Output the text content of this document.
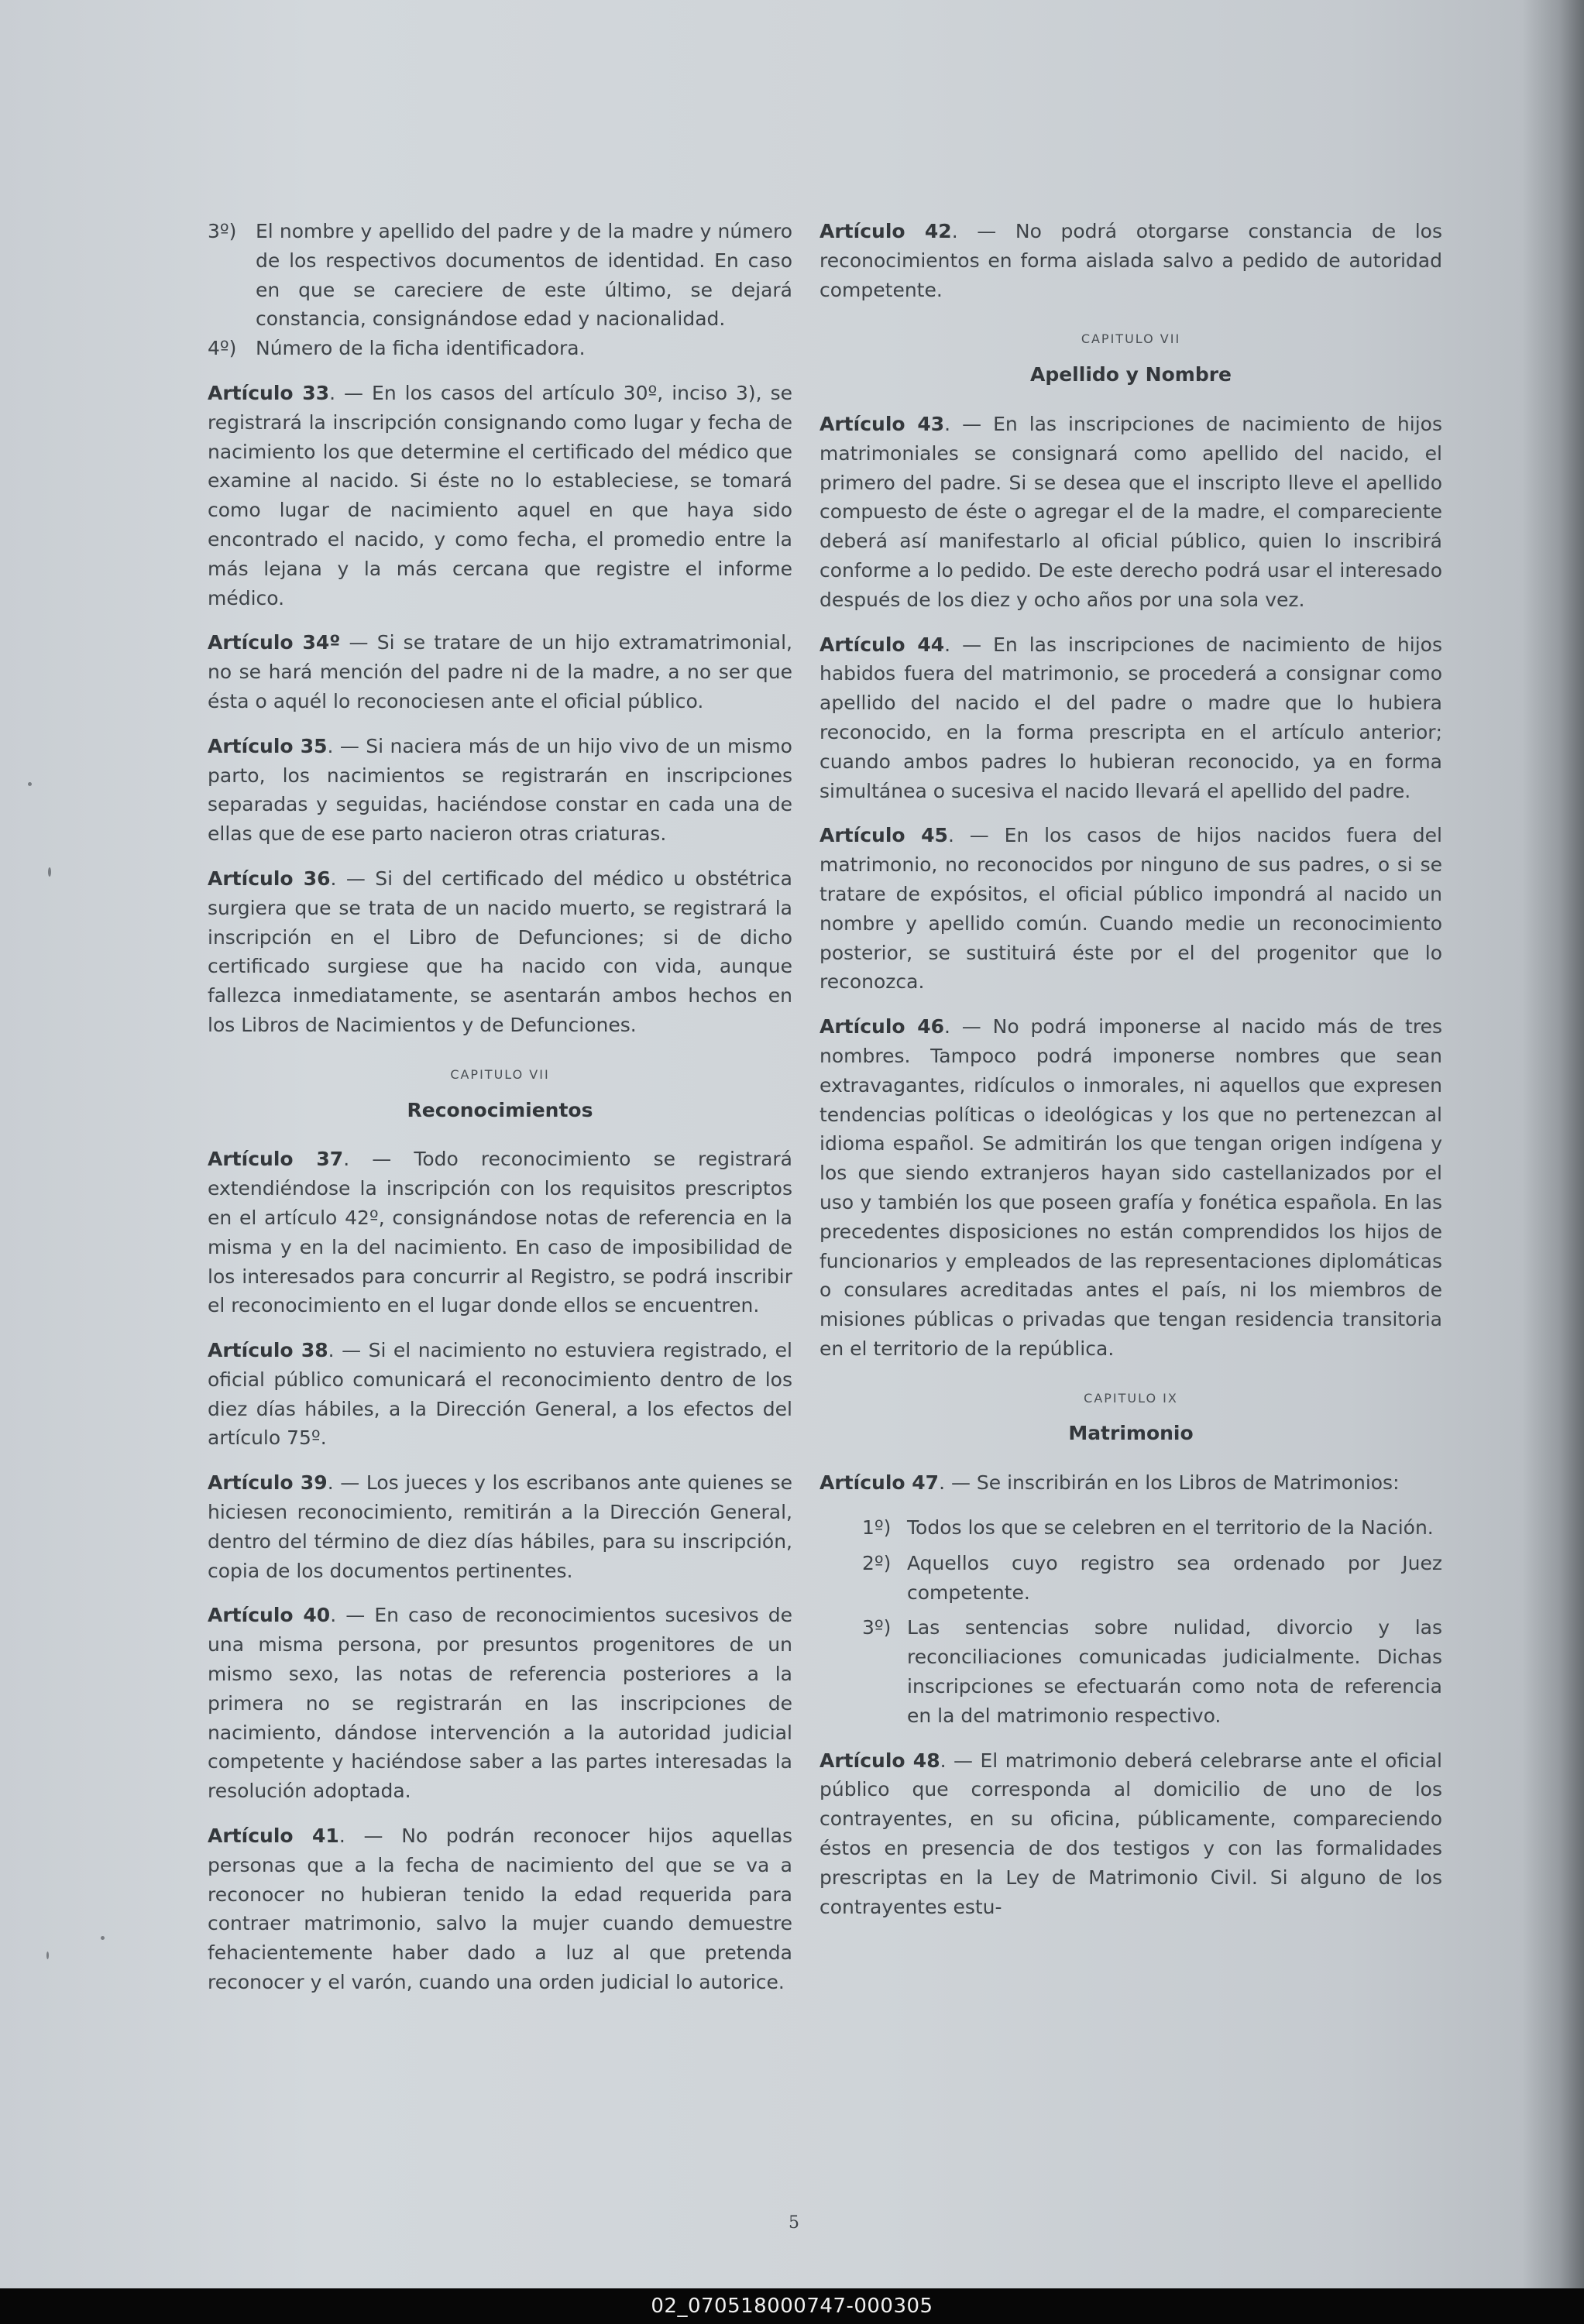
3º) El nombre y apellido del padre y de la madre y número de los respectivos documentos de identidad. En caso en que se careciere de este último, se dejará constancia, consignándose edad y nacionalidad.
4º) Número de la ficha identificadora.

Artículo 33. — En los casos del artículo 30º, inciso 3), se registrará la inscripción consignando como lugar y fecha de nacimiento los que determine el certificado del médico que examine al nacido. Si éste no lo estableciese, se tomará como lugar de nacimiento aquel en que haya sido encontrado el nacido, y como fecha, el promedio entre la más lejana y la más cercana que registre el informe médico.

Artículo 34º — Si se tratare de un hijo extramatrimonial, no se hará mención del padre ni de la madre, a no ser que ésta o aquél lo reconociesen ante el oficial público.

Artículo 35. — Si naciera más de un hijo vivo de un mismo parto, los nacimientos se registrarán en inscripciones separadas y seguidas, haciéndose constar en cada una de ellas que de ese parto nacieron otras criaturas.

Artículo 36. — Si del certificado del médico u obstétrica surgiera que se trata de un nacido muerto, se registrará la inscripción en el Libro de Defunciones; si de dicho certificado surgiese que ha nacido con vida, aunque fallezca inmediatamente, se asentarán ambos hechos en los Libros de Nacimientos y de Defunciones.

CAPITULO VII
Reconocimientos

Artículo 37. — Todo reconocimiento se registrará extendiéndose la inscripción con los requisitos prescriptos en el artículo 42º, consignándose notas de referencia en la misma y en la del nacimiento. En caso de imposibilidad de los interesados para concurrir al Registro, se podrá inscribir el reconocimiento en el lugar donde ellos se encuentren.

Artículo 38. — Si el nacimiento no estuviera registrado, el oficial público comunicará el reconocimiento dentro de los diez días hábiles, a la Dirección General, a los efectos del artículo 75º.

Artículo 39. — Los jueces y los escribanos ante quienes se hiciesen reconocimiento, remitirán a la Dirección General, dentro del término de diez días hábiles, para su inscripción, copia de los documentos pertinentes.

Artículo 40. — En caso de reconocimientos sucesivos de una misma persona, por presuntos progenitores de un mismo sexo, las notas de referencia posteriores a la primera no se registrarán en las inscripciones de nacimiento, dándose intervención a la autoridad judicial competente y haciéndose saber a las partes interesadas la resolución adoptada.

Artículo 41. — No podrán reconocer hijos aquellas personas que a la fecha de nacimiento del que se va a reconocer no hubieran tenido la edad requerida para contraer matrimonio, salvo la mujer cuando demuestre fehacientemente haber dado a luz al que pretenda reconocer y el varón, cuando una orden judicial lo autorice.

Artículo 42. — No podrá otorgarse constancia de los reconocimientos en forma aislada salvo a pedido de autoridad competente.

CAPITULO VII
Apellido y Nombre

Artículo 43. — En las inscripciones de nacimiento de hijos matrimoniales se consignará como apellido del nacido, el primero del padre. Si se desea que el inscripto lleve el apellido compuesto de éste o agregar el de la madre, el compareciente deberá así manifestarlo al oficial público, quien lo inscribirá conforme a lo pedido. De este derecho podrá usar el interesado después de los diez y ocho años por una sola vez.

Artículo 44. — En las inscripciones de nacimiento de hijos habidos fuera del matrimonio, se procederá a consignar como apellido del nacido el del padre o madre que lo hubiera reconocido, en la forma prescripta en el artículo anterior; cuando ambos padres lo hubieran reconocido, ya en forma simultánea o sucesiva el nacido llevará el apellido del padre.

Artículo 45. — En los casos de hijos nacidos fuera del matrimonio, no reconocidos por ninguno de sus padres, o si se tratare de expósitos, el oficial público impondrá al nacido un nombre y apellido común. Cuando medie un reconocimiento posterior, se sustituirá éste por el del progenitor que lo reconozca.

Artículo 46. — No podrá imponerse al nacido más de tres nombres. Tampoco podrá imponerse nombres que sean extravagantes, ridículos o inmorales, ni aquellos que expresen tendencias políticas o ideológicas y los que no pertenezcan al idioma español. Se admitirán los que tengan origen indígena y los que siendo extranjeros hayan sido castellanizados por el uso y también los que poseen grafía y fonética española. En las precedentes disposiciones no están comprendidos los hijos de funcionarios y empleados de las representaciones diplomáticas o consulares acreditadas antes el país, ni los miembros de misiones públicas o privadas que tengan residencia transitoria en el territorio de la república.

CAPITULO IX
Matrimonio

Artículo 47. — Se inscribirán en los Libros de Matrimonios:

1º) Todos los que se celebren en el territorio de la Nación.
2º) Aquellos cuyo registro sea ordenado por Juez competente.
3º) Las sentencias sobre nulidad, divorcio y las reconciliaciones comunicadas judicialmente. Dichas inscripciones se efectuarán como nota de referencia en la del matrimonio respectivo.

Artículo 48. — El matrimonio deberá celebrarse ante el oficial público que corresponda al domicilio de uno de los contrayentes, en su oficina, públicamente, compareciendo éstos en presencia de dos testigos y con las formalidades prescriptas en la Ley de Matrimonio Civil. Si alguno de los contrayentes estu-

5
02_070518000747-000305
